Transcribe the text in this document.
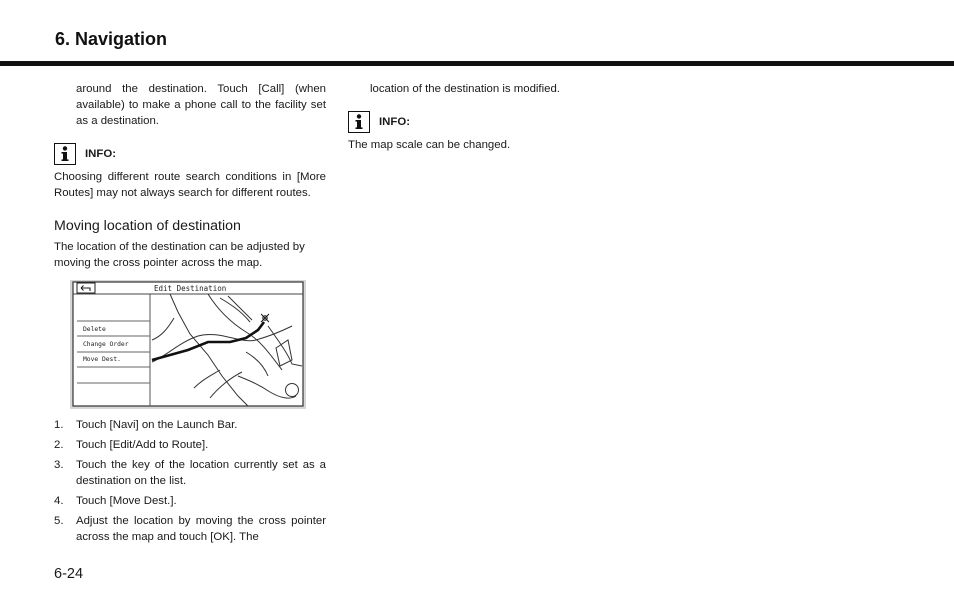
6. Navigation

around the destination. Touch [Call] (when available) to make a phone call to the facility set as a destination.

INFO:

Choosing different route search conditions in [More Routes] may not always search for different routes.

Moving location of destination

The location of the destination can be adjusted by moving the cross pointer across the map.

Edit Destination
Delete
Change Order
Move Dest.
1.	Touch [Navi] on the Launch Bar.
2.	Touch [Edit/Add to Route].
3.	Touch the key of the location currently set as a destination on the list.
4.	Touch [Move Dest.].
5.	Adjust the location by moving the cross pointer across the map and touch [OK]. The

location of the destination is modified.

INFO:

The map scale can be changed.

6-24
